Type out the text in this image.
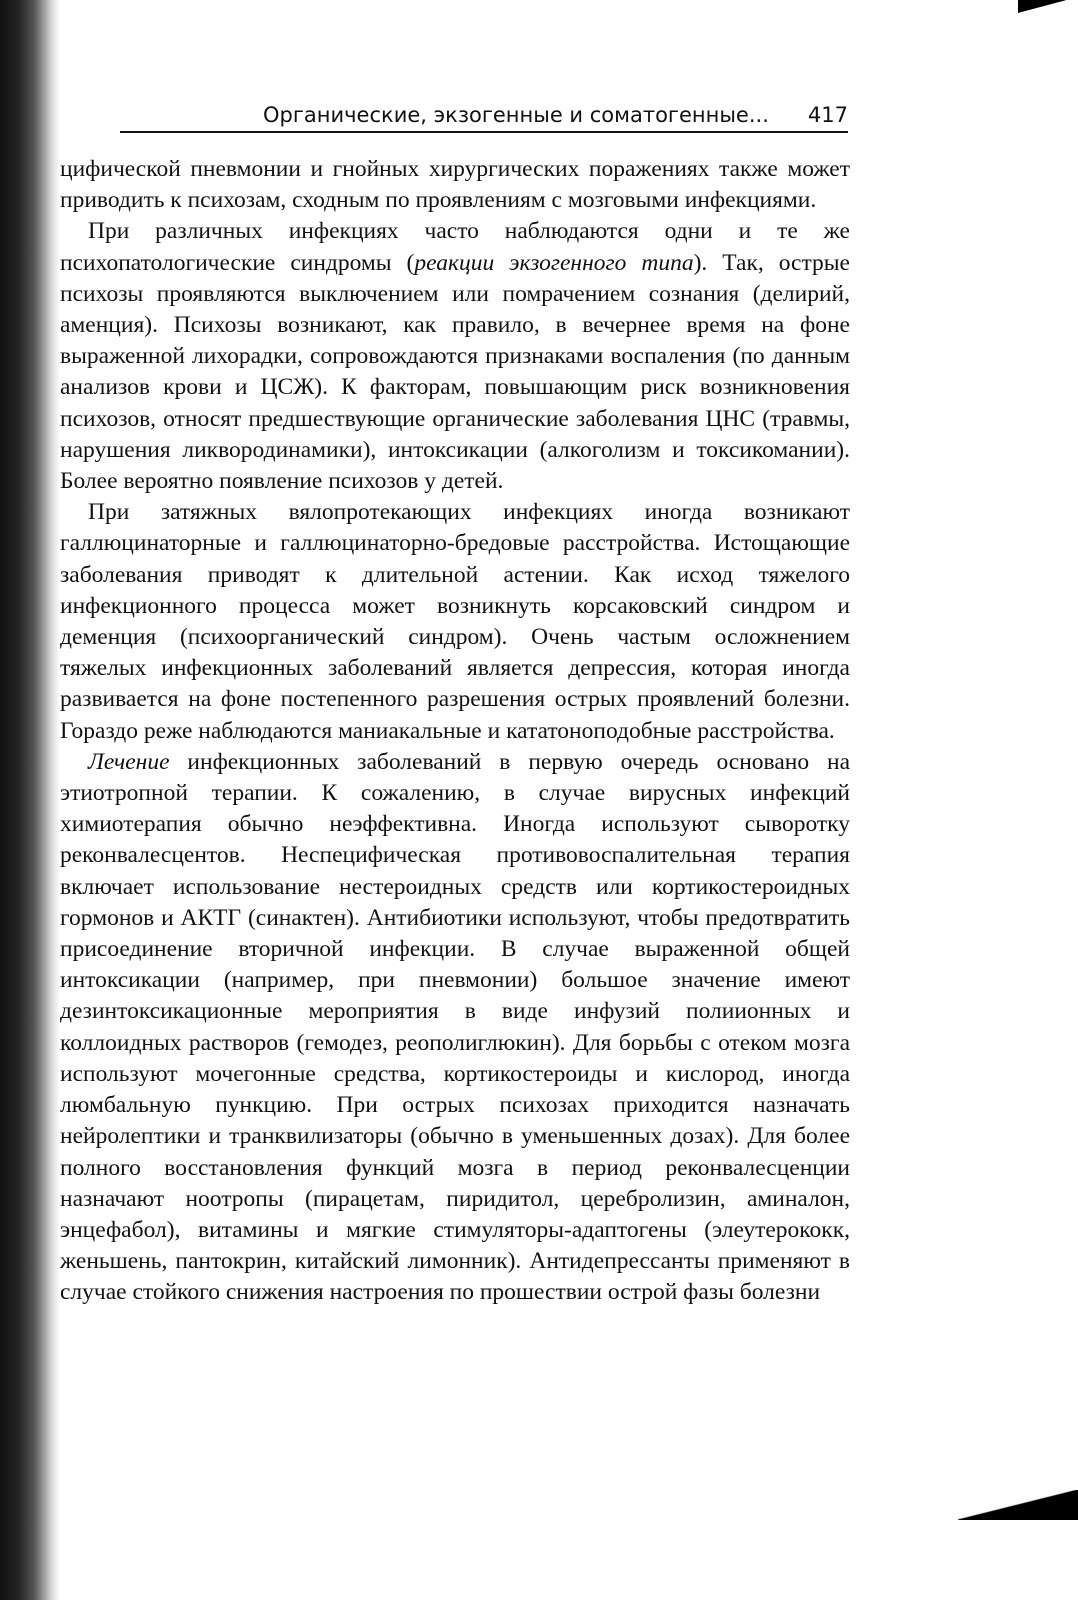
Органические, экзогенные и соматогенные... 417

цифической пневмонии и гнойных хирургических поражениях также может приводить к психозам, сходным по проявлениям с мозговыми инфекциями.

При различных инфекциях часто наблюдаются одни и те же психопатологические синдромы (реакции экзогенного типа). Так, острые психозы проявляются выключением или помрачением сознания (делирий, аменция). Психозы возникают, как правило, в вечернее время на фоне выраженной лихорадки, сопровождаются признаками воспаления (по данным анализов крови и ЦСЖ). К факторам, повышающим риск возникновения психозов, относят предшествующие органические заболевания ЦНС (травмы, нарушения ликвородинамики), интоксикации (алкоголизм и токсикомании). Более вероятно появление психозов у детей.

При затяжных вялопротекающих инфекциях иногда возникают галлюцинаторные и галлюцинаторно-бредовые расстройства. Истощающие заболевания приводят к длительной астении. Как исход тяжелого инфекционного процесса может возникнуть корсаковский синдром и деменция (психоорганический синдром). Очень частым осложнением тяжелых инфекционных заболеваний является депрессия, которая иногда развивается на фоне постепенного разрешения острых проявлений болезни. Гораздо реже наблюдаются маниакальные и кататоноподобные расстройства.

Лечение инфекционных заболеваний в первую очередь основано на этиотропной терапии. К сожалению, в случае вирусных инфекций химиотерапия обычно неэффективна. Иногда используют сыворотку реконвалесцентов. Неспецифическая противовоспалительная терапия включает использование нестероидных средств или кортикостероидных гормонов и АКТГ (синактен). Антибиотики используют, чтобы предотвратить присоединение вторичной инфекции. В случае выраженной общей интоксикации (например, при пневмонии) большое значение имеют дезинтоксикационные мероприятия в виде инфузий полиионных и коллоидных растворов (гемодез, реополиглюкин). Для борьбы с отеком мозга используют мочегонные средства, кортикостероиды и кислород, иногда люмбальную пункцию. При острых психозах приходится назначать нейролептики и транквилизаторы (обычно в уменьшенных дозах). Для более полного восстановления функций мозга в период реконвалесценции назначают ноотропы (пирацетам, пиридитол, церебролизин, аминалон, энцефабол), витамины и мягкие стимуляторы-адаптогены (элеутерококк, женьшень, пантокрин, китайский лимонник). Антидепрессанты применяют в случае стойкого снижения настроения по прошествии острой фазы болезни
